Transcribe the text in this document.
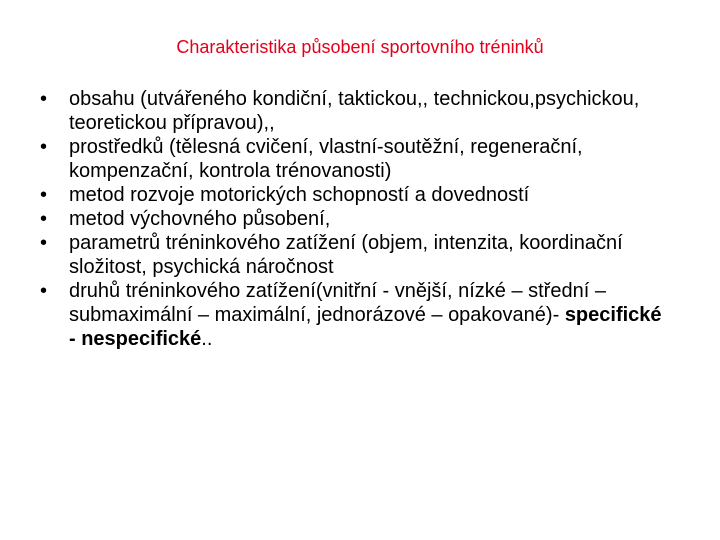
Charakteristika působení sportovního tréninků
• obsahu (utvářeného kondiční, taktickou,, technickou,psychickou, teoretickou přípravou),,
• prostředků (tělesná cvičení, vlastní-soutěžní, regenerační, kompenzační, kontrola trénovanosti)
• metod rozvoje motorických schopností a dovedností
• metod výchovného působení,
• parametrů tréninkového zatížení (objem, intenzita, koordinační složitost, psychická náročnost
• druhů tréninkového zatížení(vnitřní - vnější, nízké – střední – submaximální – maximální, jednorázové – opakované)- specifické - nespecifické..
